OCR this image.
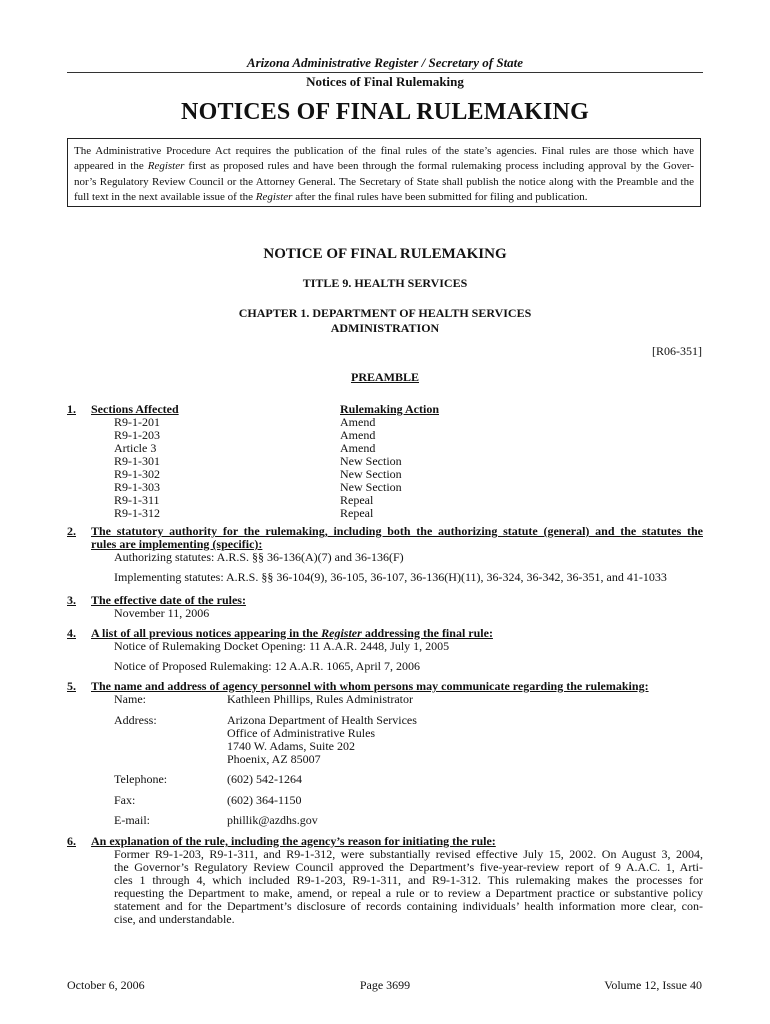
Arizona Administrative Register / Secretary of State
Notices of Final Rulemaking
NOTICES OF FINAL RULEMAKING
The Administrative Procedure Act requires the publication of the final rules of the state’s agencies. Final rules are those which have
appeared in the Register first as proposed rules and have been through the formal rulemaking process including approval by the Gover-
nor’s Regulatory Review Council or the Attorney General. The Secretary of State shall publish the notice along with the Preamble and the
full text in the next available issue of the Register after the final rules have been submitted for filing and publication.
NOTICE OF FINAL RULEMAKING
TITLE 9. HEALTH SERVICES
CHAPTER 1. DEPARTMENT OF HEALTH SERVICES
ADMINISTRATION
[R06-351]
PREAMBLE
1. Sections Affected	Rulemaking Action
R9-1-201	Amend
R9-1-203	Amend
Article 3	Amend
R9-1-301	New Section
R9-1-302	New Section
R9-1-303	New Section
R9-1-311	Repeal
R9-1-312	Repeal
2. The statutory authority for the rulemaking, including both the authorizing statute (general) and the statutes the
rules are implementing (specific):
Authorizing statutes: A.R.S. §§ 36-136(A)(7) and 36-136(F)
Implementing statutes: A.R.S. §§ 36-104(9), 36-105, 36-107, 36-136(H)(11), 36-324, 36-342, 36-351, and 41-1033
3. The effective date of the rules:
November 11, 2006
4. A list of all previous notices appearing in the Register addressing the final rule:
Notice of Rulemaking Docket Opening: 11 A.A.R. 2448, July 1, 2005
Notice of Proposed Rulemaking: 12 A.A.R. 1065, April 7, 2006
5. The name and address of agency personnel with whom persons may communicate regarding the rulemaking:
Name:	Kathleen Phillips, Rules Administrator
Address:	Arizona Department of Health Services
Office of Administrative Rules
1740 W. Adams, Suite 202
Phoenix, AZ 85007
Telephone:	(602) 542-1264
Fax:	(602) 364-1150
E-mail:	phillik@azdhs.gov
6. An explanation of the rule, including the agency’s reason for initiating the rule:
Former R9-1-203, R9-1-311, and R9-1-312, were substantially revised effective July 15, 2002. On August 3, 2004,
the Governor’s Regulatory Review Council approved the Department’s five-year-review report of 9 A.A.C. 1, Arti-
cles 1 through 4, which included R9-1-203, R9-1-311, and R9-1-312. This rulemaking makes the processes for
requesting the Department to make, amend, or repeal a rule or to review a Department practice or substantive policy
statement and for the Department’s disclosure of records containing individuals’ health information more clear, con-
cise, and understandable.
October 6, 2006	Page 3699	Volume 12, Issue 40
